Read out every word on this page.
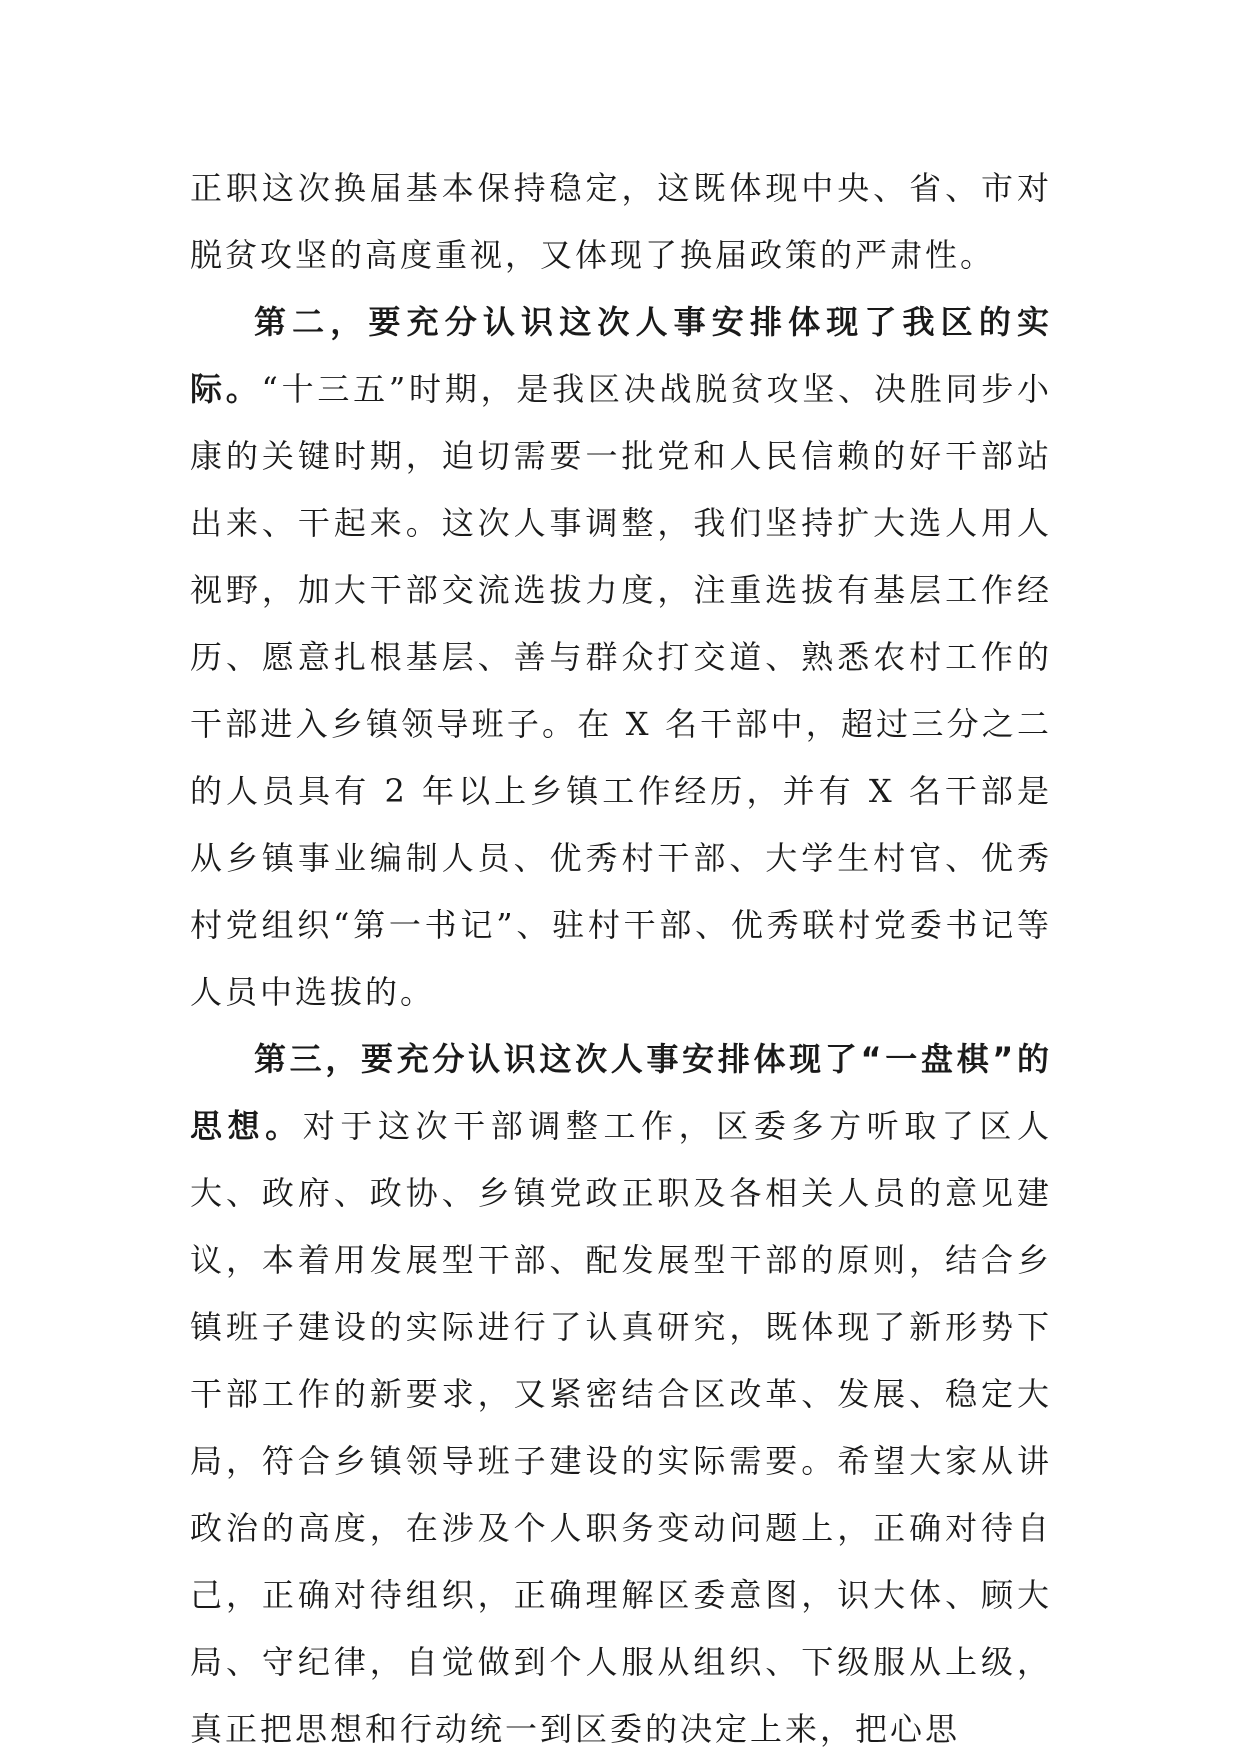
正职这次换届基本保持稳定，这既体现中央、省、市对脱贫攻坚的高度重视，又体现了换届政策的严肃性。

第二，要充分认识这次人事安排体现了我区的实际。“十三五”时期，是我区决战脱贫攻坚、决胜同步小康的关键时期，迫切需要一批党和人民信赖的好干部站出来、干起来。这次人事调整，我们坚持扩大选人用人视野，加大干部交流选拔力度，注重选拔有基层工作经历、愿意扎根基层、善与群众打交道、熟悉农村工作的干部进入乡镇领导班子。在 X 名干部中，超过三分之二的人员具有 2 年以上乡镇工作经历，并有 X 名干部是从乡镇事业编制人员、优秀村干部、大学生村官、优秀村党组织“第一书记”、驻村干部、优秀联村党委书记等人员中选拔的。

第三，要充分认识这次人事安排体现了“一盘棋”的思想。对于这次干部调整工作，区委多方听取了区人大、政府、政协、乡镇党政正职及各相关人员的意见建议，本着用发展型干部、配发展型干部的原则，结合乡镇班子建设的实际进行了认真研究，既体现了新形势下干部工作的新要求，又紧密结合区改革、发展、稳定大局，符合乡镇领导班子建设的实际需要。希望大家从讲政治的高度，在涉及个人职务变动问题上，正确对待自己，正确对待组织，正确理解区委意图，识大体、顾大局、守纪律，自觉做到个人服从组织、下级服从上级，真正把思想和行动统一到区委的决定上来，把心思
